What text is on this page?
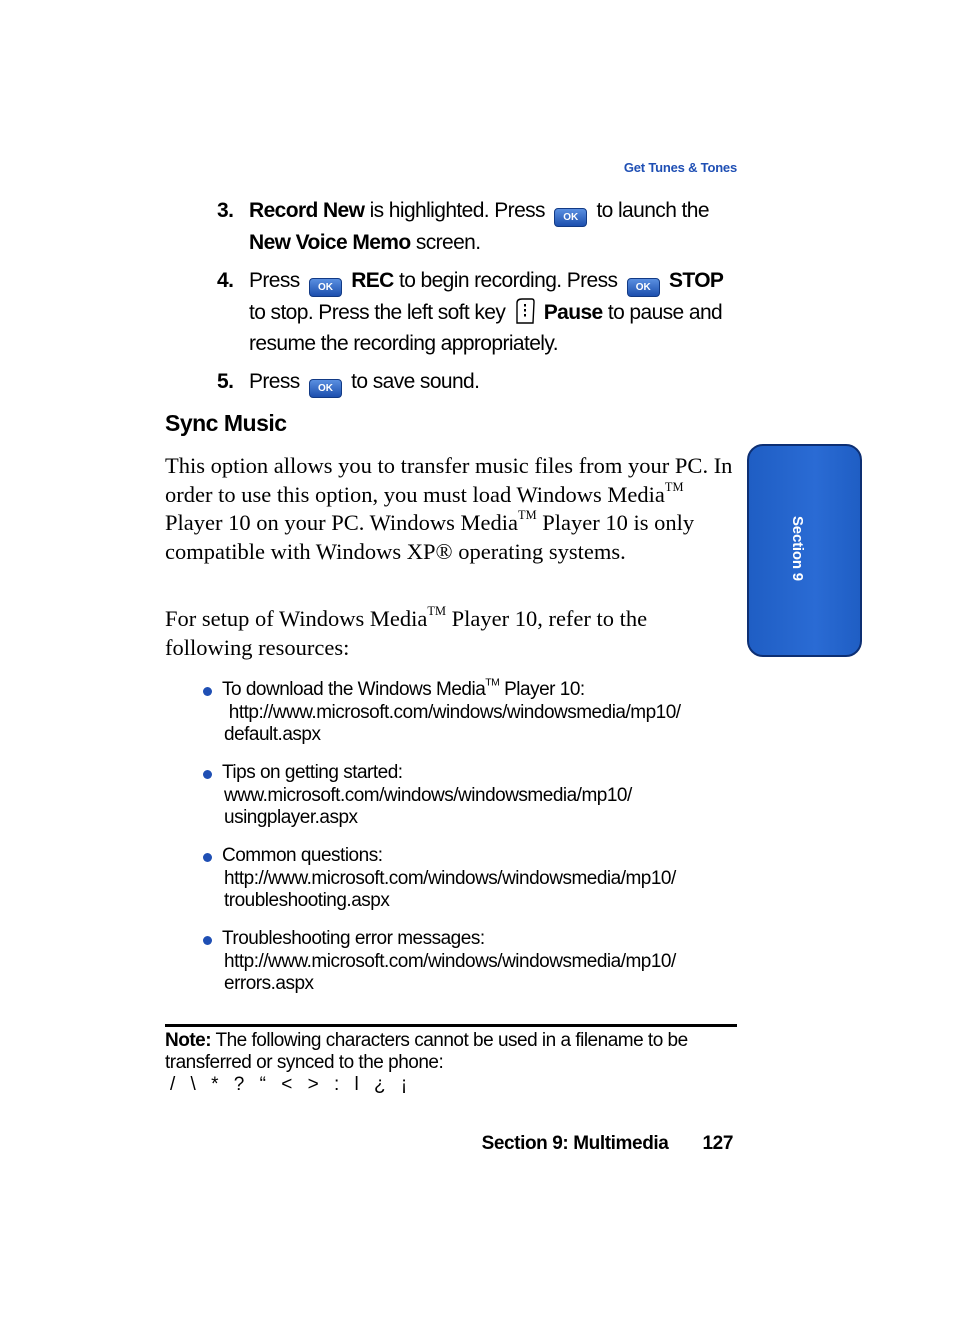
Get Tunes & Tones
3. Record New is highlighted. Press OK to launch the
New Voice Memo screen.
4. Press OK REC to begin recording. Press OK STOP to stop. Press the left soft key Pause to pause and resume the recording appropriately.
5. Press OK to save sound.
Sync Music
This option allows you to transfer music files from your PC. In order to use this option, you must load Windows Media™ Player 10 on your PC. Windows Media™ Player 10 is only compatible with Windows XP® operating systems.
For setup of Windows Media™ Player 10, refer to the following resources:
To download the Windows Media™ Player 10:
http://www.microsoft.com/windows/windowsmedia/mp10/
default.aspx
Tips on getting started:
www.microsoft.com/windows/windowsmedia/mp10/
usingplayer.aspx
Common questions:
http://www.microsoft.com/windows/windowsmedia/mp10/
troubleshooting.aspx
Troubleshooting error messages:
http://www.microsoft.com/windows/windowsmedia/mp10/
errors.aspx
Note: The following characters cannot be used in a filename to be transferred or synced to the phone:
/ \ * ? “ < > : l ¿ ¡
Section 9: Multimedia 127
Section 9
